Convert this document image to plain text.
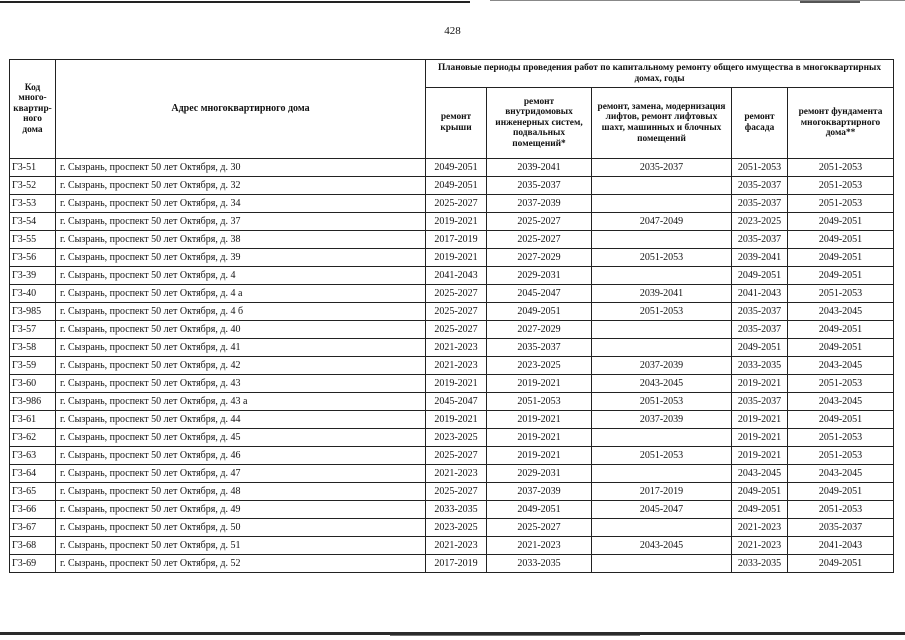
428
Код много-квартир-ного дома	Адрес многоквартирного дома	Плановые периоды проведения работ по капитальному ремонту общего имущества в многоквартирных домах, годы				
		ремонт крыши	ремонт внутридомовых инженерных систем, подвальных помещений*	ремонт, замена, модернизация лифтов, ремонт лифтовых шахт, машинных и блочных помещений	ремонт фасада	ремонт фундамента многоквартирного дома**
Г3-51	г. Сызрань, проспект 50 лет Октября, д. 30	2049-2051	2039-2041	2035-2037	2051-2053	2051-2053
Г3-52	г. Сызрань, проспект 50 лет Октября, д. 32	2049-2051	2035-2037		2035-2037	2051-2053
Г3-53	г. Сызрань, проспект 50 лет Октября, д. 34	2025-2027	2037-2039		2035-2037	2051-2053
Г3-54	г. Сызрань, проспект 50 лет Октября, д. 37	2019-2021	2025-2027	2047-2049	2023-2025	2049-2051
Г3-55	г. Сызрань, проспект 50 лет Октября, д. 38	2017-2019	2025-2027		2035-2037	2049-2051
Г3-56	г. Сызрань, проспект 50 лет Октября, д. 39	2019-2021	2027-2029	2051-2053	2039-2041	2049-2051
Г3-39	г. Сызрань, проспект 50 лет Октября, д. 4	2041-2043	2029-2031		2049-2051	2049-2051
Г3-40	г. Сызрань, проспект 50 лет Октября, д. 4 а	2025-2027	2045-2047	2039-2041	2041-2043	2051-2053
Г3-985	г. Сызрань, проспект 50 лет Октября, д. 4 б	2025-2027	2049-2051	2051-2053	2035-2037	2043-2045
Г3-57	г. Сызрань, проспект 50 лет Октября, д. 40	2025-2027	2027-2029		2035-2037	2049-2051
Г3-58	г. Сызрань, проспект 50 лет Октября, д. 41	2021-2023	2035-2037		2049-2051	2049-2051
Г3-59	г. Сызрань, проспект 50 лет Октября, д. 42	2021-2023	2023-2025	2037-2039	2033-2035	2043-2045
Г3-60	г. Сызрань, проспект 50 лет Октября, д. 43	2019-2021	2019-2021	2043-2045	2019-2021	2051-2053
Г3-986	г. Сызрань, проспект 50 лет Октября, д. 43 а	2045-2047	2051-2053	2051-2053	2035-2037	2043-2045
Г3-61	г. Сызрань, проспект 50 лет Октября, д. 44	2019-2021	2019-2021	2037-2039	2019-2021	2049-2051
Г3-62	г. Сызрань, проспект 50 лет Октября, д. 45	2023-2025	2019-2021		2019-2021	2051-2053
Г3-63	г. Сызрань, проспект 50 лет Октября, д. 46	2025-2027	2019-2021	2051-2053	2019-2021	2051-2053
Г3-64	г. Сызрань, проспект 50 лет Октября, д. 47	2021-2023	2029-2031		2043-2045	2043-2045
Г3-65	г. Сызрань, проспект 50 лет Октября, д. 48	2025-2027	2037-2039	2017-2019	2049-2051	2049-2051
Г3-66	г. Сызрань, проспект 50 лет Октября, д. 49	2033-2035	2049-2051	2045-2047	2049-2051	2051-2053
Г3-67	г. Сызрань, проспект 50 лет Октября, д. 50	2023-2025	2025-2027		2021-2023	2035-2037
Г3-68	г. Сызрань, проспект 50 лет Октября, д. 51	2021-2023	2021-2023	2043-2045	2021-2023	2041-2043
Г3-69	г. Сызрань, проспект 50 лет Октября, д. 52	2017-2019	2033-2035		2033-2035	2049-2051
